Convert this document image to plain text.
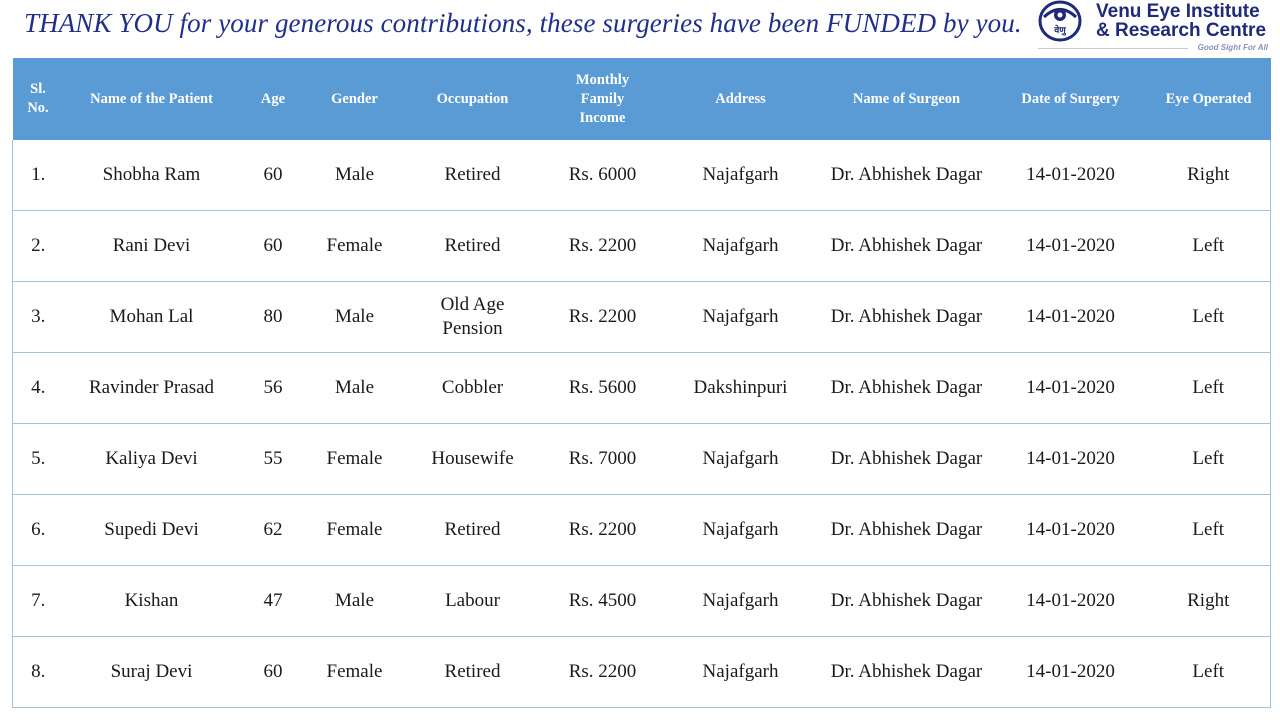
THANK YOU for your generous contributions, these surgeries have been FUNDED by you.	वेणु
Venu Eye Institute
& Research Centre
Good Sight For All
Sl. No.	Name of the Patient	Age	Gender	Occupation	Monthly Family Income	Address	Name of Surgeon	Date of Surgery	Eye Operated
1.	Shobha Ram	60	Male	Retired	Rs. 6000	Najafgarh	Dr. Abhishek Dagar	14-01-2020	Right
2.	Rani Devi	60	Female	Retired	Rs. 2200	Najafgarh	Dr. Abhishek Dagar	14-01-2020	Left
3.	Mohan Lal	80	Male	Old Age Pension	Rs. 2200	Najafgarh	Dr. Abhishek Dagar	14-01-2020	Left
4.	Ravinder Prasad	56	Male	Cobbler	Rs. 5600	Dakshinpuri	Dr. Abhishek Dagar	14-01-2020	Left
5.	Kaliya Devi	55	Female	Housewife	Rs. 7000	Najafgarh	Dr. Abhishek Dagar	14-01-2020	Left
6.	Supedi Devi	62	Female	Retired	Rs. 2200	Najafgarh	Dr. Abhishek Dagar	14-01-2020	Left
7.	Kishan	47	Male	Labour	Rs. 4500	Najafgarh	Dr. Abhishek Dagar	14-01-2020	Right
8.	Suraj Devi	60	Female	Retired	Rs. 2200	Najafgarh	Dr. Abhishek Dagar	14-01-2020	Left
